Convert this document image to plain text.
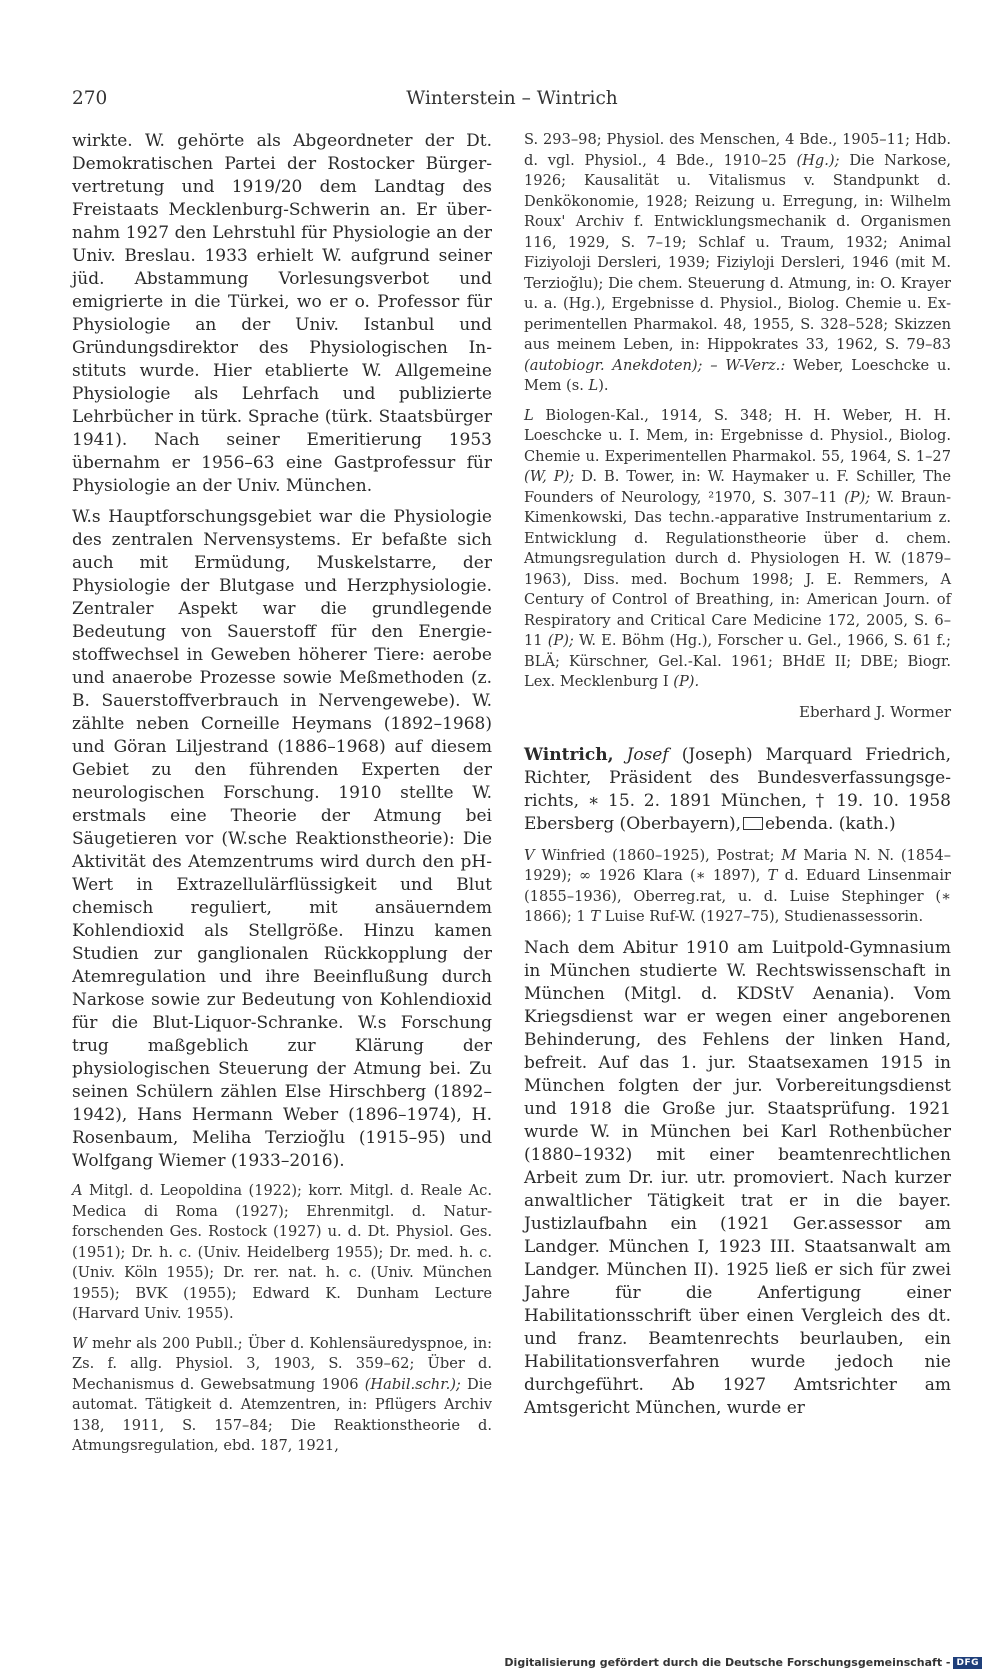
270	Winterstein – Wintrich

wirkte. W. gehörte als Abgeordneter der Dt. Demokratischen Partei der Rostocker Bürgervertretung und 1919/20 dem Landtag des Freistaats Mecklenburg-Schwerin an. Er übernahm 1927 den Lehrstuhl für Physiologie an der Univ. Breslau. 1933 erhielt W. aufgrund seiner jüd. Abstammung Vorlesungsverbot und emigrierte in die Türkei, wo er o. Professor für Physiologie an der Univ. Istanbul und Gründungsdirektor des Physiologischen Instituts wurde. Hier etablierte W. Allgemeine Physiologie als Lehrfach und publizierte Lehrbücher in türk. Sprache (türk. Staatsbürger 1941). Nach seiner Emeritierung 1953 übernahm er 1956–63 eine Gastprofessur für Physiologie an der Univ. München.

W.s Hauptforschungsgebiet war die Physiologie des zentralen Nervensystems. Er befaßte sich auch mit Ermüdung, Muskelstarre, der Physiologie der Blutgase und Herzphysiologie. Zentraler Aspekt war die grundlegende Bedeutung von Sauerstoff für den Energiestoffwechsel in Geweben höherer Tiere: aerobe und anaerobe Prozesse sowie Meßmethoden (z. B. Sauerstoffverbrauch in Nervengewebe). W. zählte neben Corneille Heymans (1892–1968) und Göran Liljestrand (1886–1968) auf diesem Gebiet zu den führenden Experten der neurologischen Forschung. 1910 stellte W. erstmals eine Theorie der Atmung bei Säugetieren vor (W.sche Reaktionstheorie): Die Aktivität des Atemzentrums wird durch den pH-Wert in Extrazellulärflüssigkeit und Blut chemisch reguliert, mit ansäuerndem Kohlendioxid als Stellgröße. Hinzu kamen Studien zur ganglionalen Rückkopplung der Atemregulation und ihre Beeinflußung durch Narkose sowie zur Bedeutung von Kohlendioxid für die Blut-Liquor-Schranke. W.s Forschung trug maßgeblich zur Klärung der physiologischen Steuerung der Atmung bei. Zu seinen Schülern zählen Else Hirschberg (1892–1942), Hans Hermann Weber (1896–1974), H. Rosenbaum, Meliha Terzioğlu (1915–95) und Wolfgang Wiemer (1933–2016).

A Mitgl. d. Leopoldina (1922); korr. Mitgl. d. Reale Ac. Medica di Roma (1927); Ehrenmitgl. d. Naturforschenden Ges. Rostock (1927) u. d. Dt. Physiol. Ges. (1951); Dr. h. c. (Univ. Heidelberg 1955); Dr. med. h. c. (Univ. Köln 1955); Dr. rer. nat. h. c. (Univ. München 1955); BVK (1955); Edward K. Dunham Lecture (Harvard Univ. 1955).

W mehr als 200 Publl.; Über d. Kohlensäuredyspnoe, in: Zs. f. allg. Physiol. 3, 1903, S. 359–62; Über d. Mechanismus d. Gewebsatmung 1906 (Habil.schr.); Die automat. Tätigkeit d. Atemzentren, in: Pflügers Archiv 138, 1911, S. 157–84; Die Reaktionstheorie d. Atmungsregulation, ebd. 187, 1921,

S. 293–98; Physiol. des Menschen, 4 Bde., 1905–11; Hdb. d. vgl. Physiol., 4 Bde., 1910–25 (Hg.); Die Narkose, 1926; Kausalität u. Vitalismus v. Standpunkt d. Denkökonomie, 1928; Reizung u. Erregung, in: Wilhelm Roux' Archiv f. Entwicklungsmechanik d. Organismen 116, 1929, S. 7–19; Schlaf u. Traum, 1932; Animal Fiziyoloji Dersleri, 1939; Fiziyloji Dersleri, 1946 (mit M. Terzioğlu); Die chem. Steuerung d. Atmung, in: O. Krayer u. a. (Hg.), Ergebnisse d. Physiol., Biolog. Chemie u. Experimentellen Pharmakol. 48, 1955, S. 328–528; Skizzen aus meinem Leben, in: Hippokrates 33, 1962, S. 79–83 (autobiogr. Anekdoten); – W-Verz.: Weber, Loeschcke u. Mem (s. L).

L Biologen-Kal., 1914, S. 348; H. H. Weber, H. H. Loeschcke u. I. Mem, in: Ergebnisse d. Physiol., Biolog. Chemie u. Experimentellen Pharmakol. 55, 1964, S. 1–27 (W, P); D. B. Tower, in: W. Haymaker u. F. Schiller, The Founders of Neurology, ²1970, S. 307–11 (P); W. Braun-Kimenkowski, Das techn.-apparative Instrumentarium z. Entwicklung d. Regulationstheorie über d. chem. Atmungsregulation durch d. Physiologen H. W. (1879–1963), Diss. med. Bochum 1998; J. E. Remmers, A Century of Control of Breathing, in: American Journ. of Respiratory and Critical Care Medicine 172, 2005, S. 6–11 (P); W. E. Böhm (Hg.), Forscher u. Gel., 1966, S. 61 f.; BLÄ; Kürschner, Gel.-Kal. 1961; BHdE II; DBE; Biogr. Lex. Mecklenburg I (P).

Eberhard J. Wormer

Wintrich, Josef (Joseph) Marquard Friedrich, Richter, Präsident des Bundesverfassungsgerichts, ∗ 15. 2. 1891 München, † 19. 10. 1958 Ebersberg (Oberbayern), ebenda. (kath.)

V Winfried (1860–1925), Postrat; M Maria N. N. (1854–1929); ∞ 1926 Klara (∗ 1897), T d. Eduard Linsenmair (1855–1936), Oberreg.rat, u. d. Luise Stephinger (∗ 1866); 1 T Luise Ruf-W. (1927–75), Studienassessorin.

Nach dem Abitur 1910 am Luitpold-Gymnasium in München studierte W. Rechtswissenschaft in München (Mitgl. d. KDStV Aenania). Vom Kriegsdienst war er wegen einer angeborenen Behinderung, des Fehlens der linken Hand, befreit. Auf das 1. jur. Staatsexamen 1915 in München folgten der jur. Vorbereitungsdienst und 1918 die Große jur. Staatsprüfung. 1921 wurde W. in München bei Karl Rothenbücher (1880–1932) mit einer beamtenrechtlichen Arbeit zum Dr. iur. utr. promoviert. Nach kurzer anwaltlicher Tätigkeit trat er in die bayer. Justizlaufbahn ein (1921 Ger.assessor am Landger. München I, 1923 III. Staatsanwalt am Landger. München II). 1925 ließ er sich für zwei Jahre für die Anfertigung einer Habilitationsschrift über einen Vergleich des dt. und franz. Beamtenrechts beurlauben, ein Habilitationsverfahren wurde jedoch nie durchgeführt. Ab 1927 Amtsrichter am Amtsgericht München, wurde er

Digitalisierung gefördert durch die Deutsche Forschungsgemeinschaft - DFG
